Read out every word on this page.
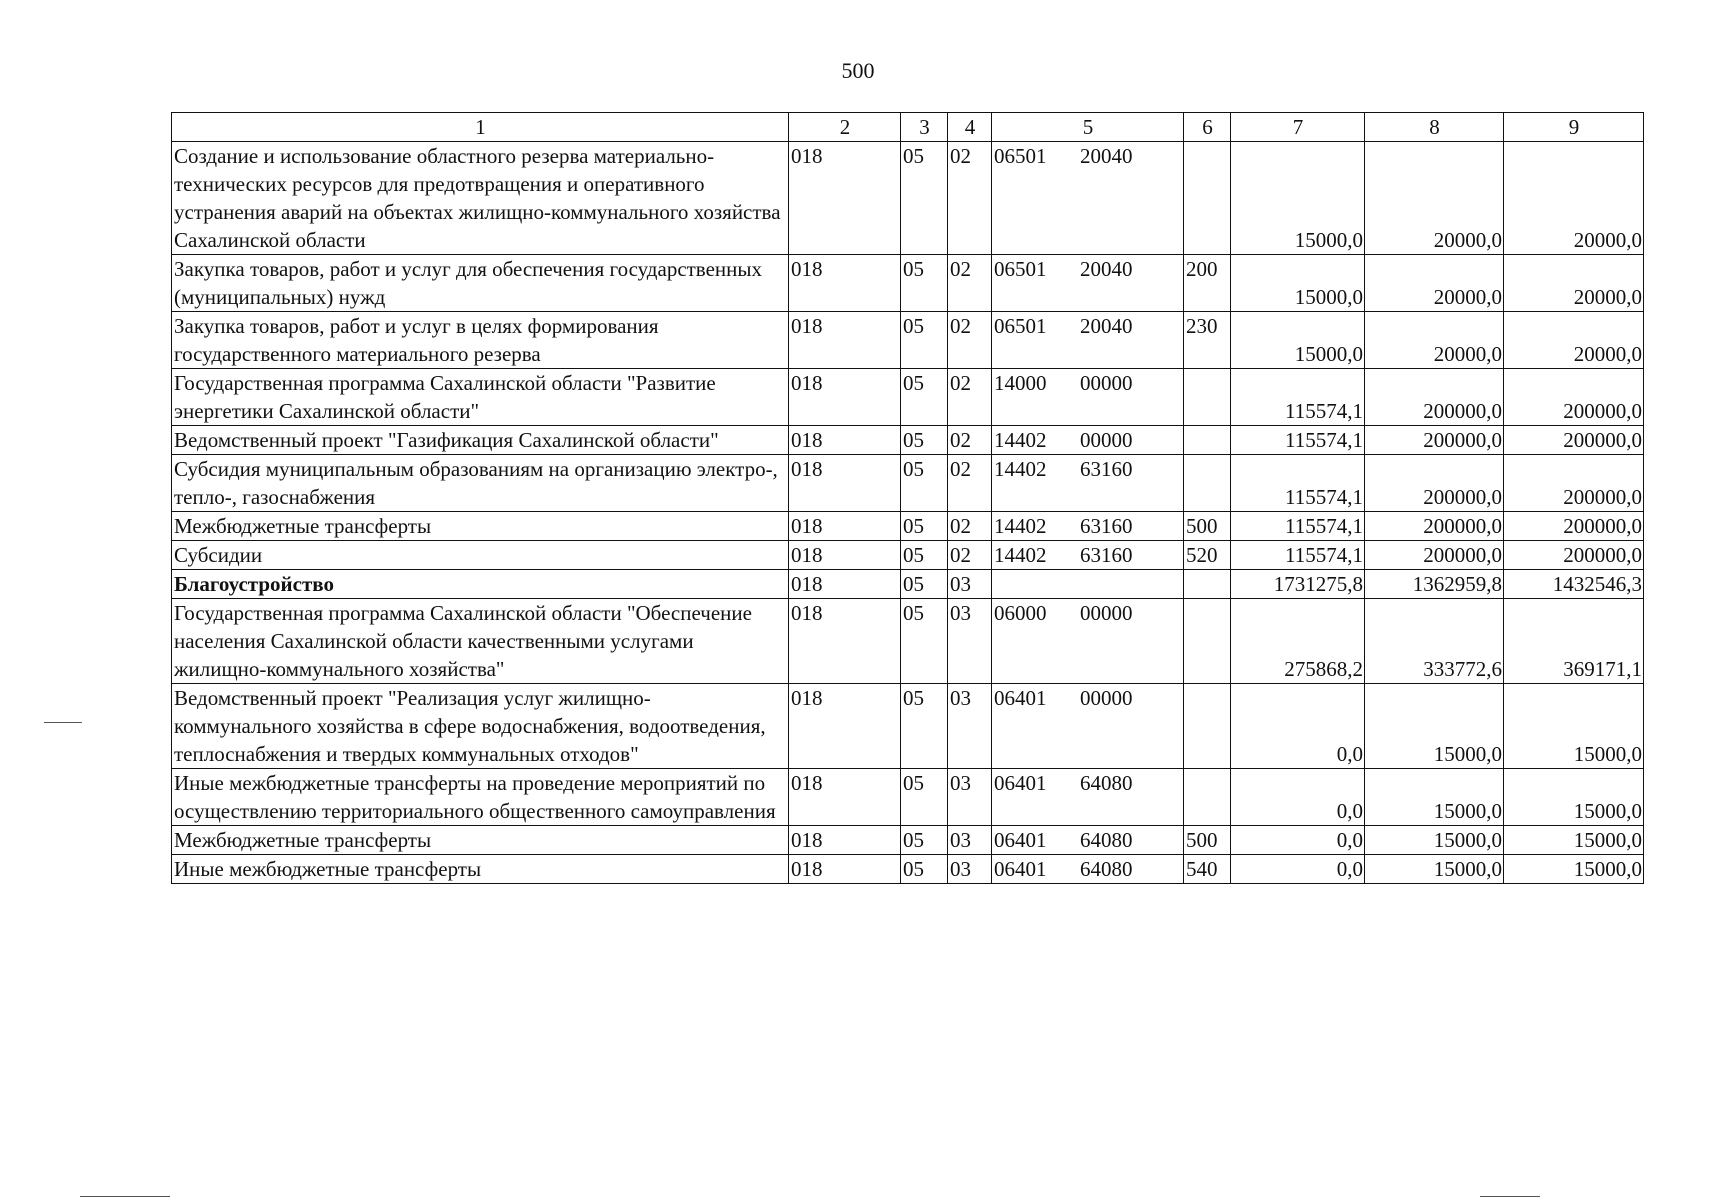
500
1	2	3	4	5	6	7	8	9
Создание и использование областного резерва материально-технических ресурсов для предотвращения и оперативного устранения аварий на объектах жилищно-коммунального хозяйства Сахалинской области	018	05	02	06501 20040		15000,0	20000,0	20000,0
Закупка товаров, работ и услуг для обеспечения государственных (муниципальных) нужд	018	05	02	06501 20040	200	15000,0	20000,0	20000,0
Закупка товаров, работ и услуг в целях формирования государственного материального резерва	018	05	02	06501 20040	230	15000,0	20000,0	20000,0
Государственная программа Сахалинской области "Развитие энергетики Сахалинской области"	018	05	02	14000 00000		115574,1	200000,0	200000,0
Ведомственный проект "Газификация Сахалинской области"	018	05	02	14402 00000		115574,1	200000,0	200000,0
Субсидия муниципальным образованиям на организацию электро-, тепло-, газоснабжения	018	05	02	14402 63160		115574,1	200000,0	200000,0
Межбюджетные трансферты	018	05	02	14402 63160	500	115574,1	200000,0	200000,0
Субсидии	018	05	02	14402 63160	520	115574,1	200000,0	200000,0
Благоустройство	018	05	03			1731275,8	1362959,8	1432546,3
Государственная программа Сахалинской области "Обеспечение населения Сахалинской области качественными услугами жилищно-коммунального хозяйства"	018	05	03	06000 00000		275868,2	333772,6	369171,1
Ведомственный проект "Реализация услуг жилищно-коммунального хозяйства в сфере водоснабжения, водоотведения, теплоснабжения и твердых коммунальных отходов"	018	05	03	06401 00000		0,0	15000,0	15000,0
Иные межбюджетные трансферты на проведение мероприятий по осуществлению территориального общественного самоуправления	018	05	03	06401 64080		0,0	15000,0	15000,0
Межбюджетные трансферты	018	05	03	06401 64080	500	0,0	15000,0	15000,0
Иные межбюджетные трансферты	018	05	03	06401 64080	540	0,0	15000,0	15000,0
